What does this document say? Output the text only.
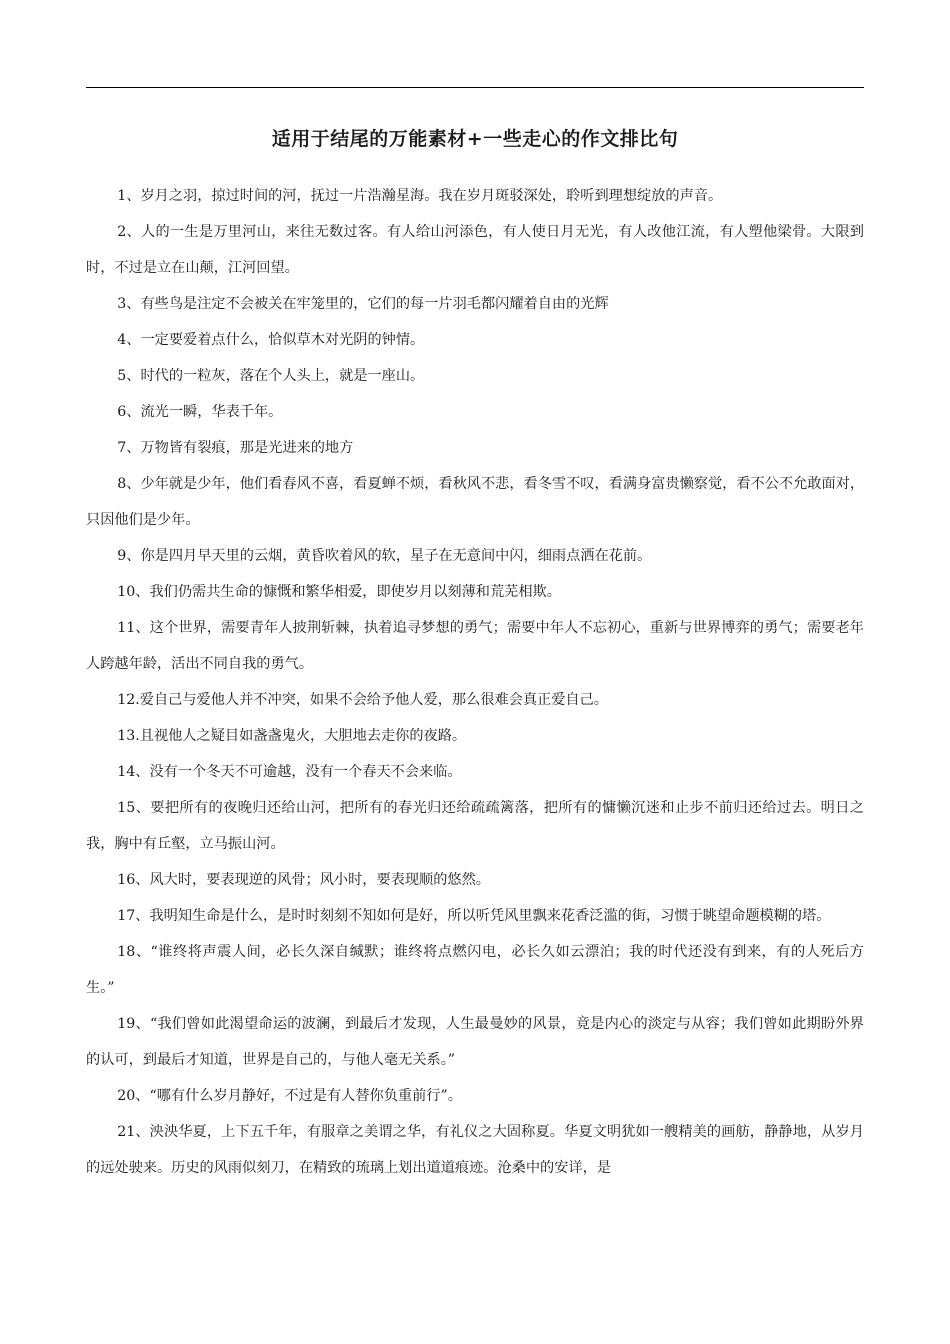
适用于结尾的万能素材+一些走心的作文排比句

1、岁月之羽，掠过时间的河，抚过一片浩瀚星海。我在岁月斑驳深处，聆听到理想绽放的声音。

2、人的一生是万里河山，来往无数过客。有人给山河添色，有人使日月无光，有人改他江流，有人塑他梁骨。大限到时，不过是立在山颠，江河回望。

3、有些鸟是注定不会被关在牢笼里的，它们的每一片羽毛都闪耀着自由的光辉

4、一定要爱着点什么，恰似草木对光阴的钟情。

5、时代的一粒灰，落在个人头上，就是一座山。

6、流光一瞬，华表千年。

7、万物皆有裂痕，那是光进来的地方

8、少年就是少年，他们看春风不喜，看夏蝉不烦，看秋风不悲，看冬雪不叹，看满身富贵懒察觉，看不公不允敢面对，只因他们是少年。

9、你是四月早天里的云烟，黄昏吹着风的软，星子在无意间中闪，细雨点洒在花前。

10、我们仍需共生命的慷慨和繁华相爱，即使岁月以刻薄和荒芜相欺。

11、这个世界，需要青年人披荆斩棘，执着追寻梦想的勇气；需要中年人不忘初心，重新与世界博弈的勇气；需要老年人跨越年龄，活出不同自我的勇气。

12.爱自己与爱他人并不冲突，如果不会给予他人爱，那么很难会真正爱自己。

13.且视他人之疑目如盏盏鬼火，大胆地去走你的夜路。

14、没有一个冬天不可逾越，没有一个春天不会来临。

15、要把所有的夜晚归还给山河，把所有的春光归还给疏疏篱落，把所有的慵懒沉迷和止步不前归还给过去。明日之我，胸中有丘壑，立马振山河。

16、风大时，要表现逆的风骨；风小时，要表现顺的悠然。

17、我明知生命是什么，是时时刻刻不知如何是好，所以听凭风里飘来花香泛滥的街，习惯于眺望命题模糊的塔。

18、“谁终将声震人间，必长久深自缄默；谁终将点燃闪电，必长久如云漂泊；我的时代还没有到来，有的人死后方生。”

19、“我们曾如此渴望命运的波澜，到最后才发现，人生最曼妙的风景，竟是内心的淡定与从容；我们曾如此期盼外界的认可，到最后才知道，世界是自己的，与他人毫无关系。”

20、“哪有什么岁月静好，不过是有人替你负重前行”。

21、泱泱华夏，上下五千年，有服章之美谓之华，有礼仪之大固称夏。华夏文明犹如一艘精美的画舫，静静地，从岁月的远处驶来。历史的风雨似刻刀，在精致的琉璃上划出道道痕迹。沧桑中的安详，是
